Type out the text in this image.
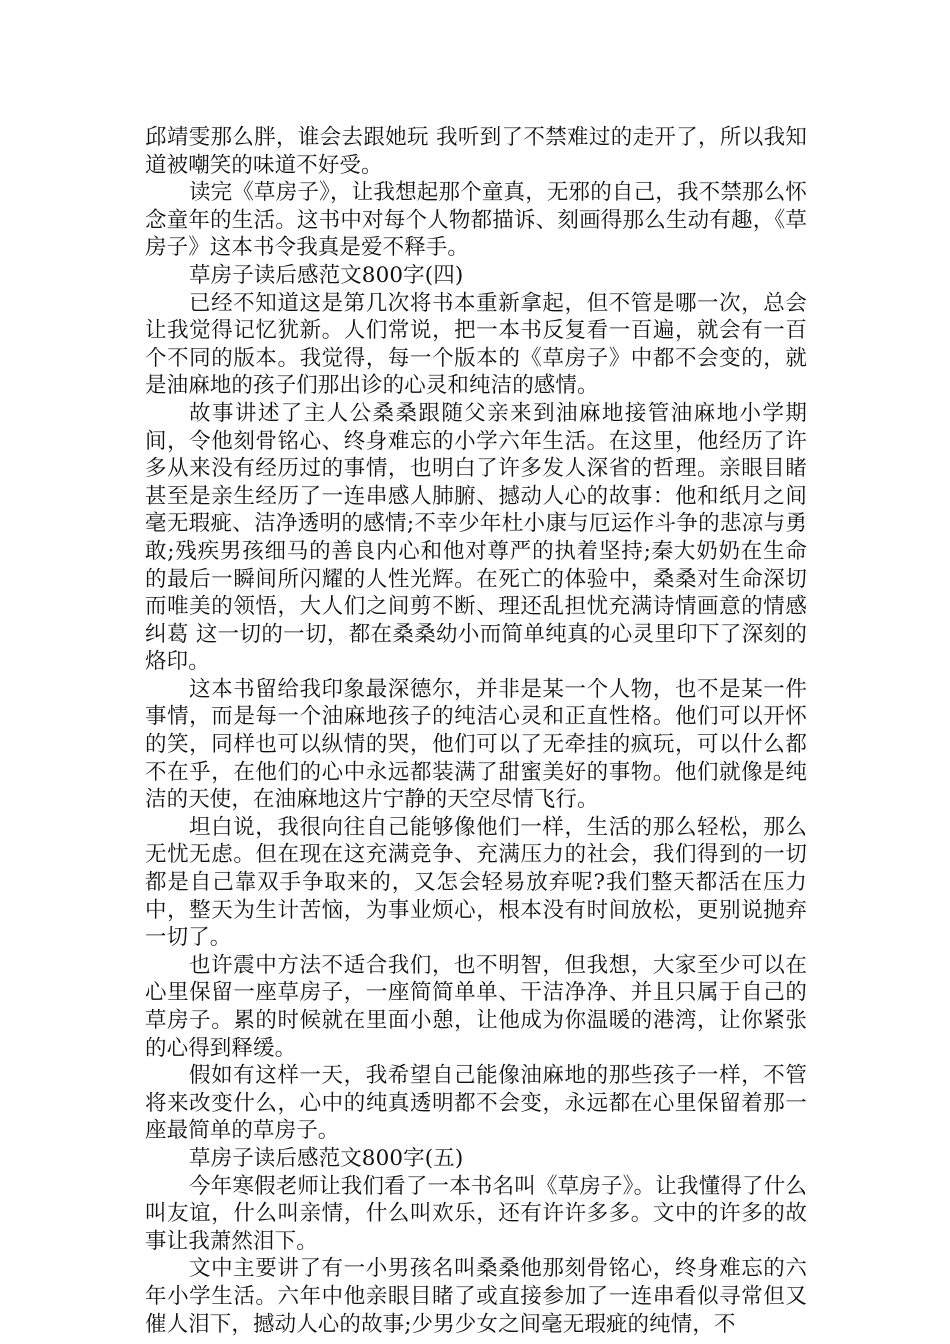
邱靖雯那么胖，谁会去跟她玩 我听到了不禁难过的走开了，所以我知道被嘲笑的味道不好受。

读完《草房子》，让我想起那个童真，无邪的自己，我不禁那么怀念童年的生活。这书中对每个人物都描诉、刻画得那么生动有趣，《草房子》这本书令我真是爱不释手。

草房子读后感范文800字(四)

已经不知道这是第几次将书本重新拿起，但不管是哪一次，总会让我觉得记忆犹新。人们常说，把一本书反复看一百遍，就会有一百个不同的版本。我觉得，每一个版本的《草房子》中都不会变的，就是油麻地的孩子们那出诊的心灵和纯洁的感情。

故事讲述了主人公桑桑跟随父亲来到油麻地接管油麻地小学期间，令他刻骨铭心、终身难忘的小学六年生活。在这里，他经历了许多从来没有经历过的事情，也明白了许多发人深省的哲理。亲眼目睹甚至是亲生经历了一连串感人肺腑、撼动人心的故事：他和纸月之间毫无瑕疵、洁净透明的感情;不幸少年杜小康与厄运作斗争的悲凉与勇敢;残疾男孩细马的善良内心和他对尊严的执着坚持;秦大奶奶在生命的最后一瞬间所闪耀的人性光辉。在死亡的体验中，桑桑对生命深切而唯美的领悟，大人们之间剪不断、理还乱担忧充满诗情画意的情感纠葛 这一切的一切，都在桑桑幼小而简单纯真的心灵里印下了深刻的烙印。

这本书留给我印象最深德尔，并非是某一个人物，也不是某一件事情，而是每一个油麻地孩子的纯洁心灵和正直性格。他们可以开怀的笑，同样也可以纵情的哭，他们可以了无牵挂的疯玩，可以什么都不在乎，在他们的心中永远都装满了甜蜜美好的事物。他们就像是纯洁的天使，在油麻地这片宁静的天空尽情飞行。

坦白说，我很向往自己能够像他们一样，生活的那么轻松，那么无忧无虑。但在现在这充满竞争、充满压力的社会，我们得到的一切都是自己靠双手争取来的，又怎会轻易放弃呢?我们整天都活在压力中，整天为生计苦恼，为事业烦心，根本没有时间放松，更别说抛弃一切了。

也许震中方法不适合我们，也不明智，但我想，大家至少可以在心里保留一座草房子，一座简简单单、干洁净净、并且只属于自己的草房子。累的时候就在里面小憩，让他成为你温暖的港湾，让你紧张的心得到释缓。

假如有这样一天，我希望自己能像油麻地的那些孩子一样，不管将来改变什么，心中的纯真透明都不会变，永远都在心里保留着那一座最简单的草房子。

草房子读后感范文800字(五)

今年寒假老师让我们看了一本书名叫《草房子》。让我懂得了什么叫友谊，什么叫亲情，什么叫欢乐，还有许许多多。文中的许多的故事让我萧然泪下。

文中主要讲了有一小男孩名叫桑桑他那刻骨铭心，终身难忘的六年小学生活。六年中他亲眼目睹了或直接参加了一连串看似寻常但又催人泪下，撼动人心的故事;少男少女之间毫无瑕疵的纯情，不
